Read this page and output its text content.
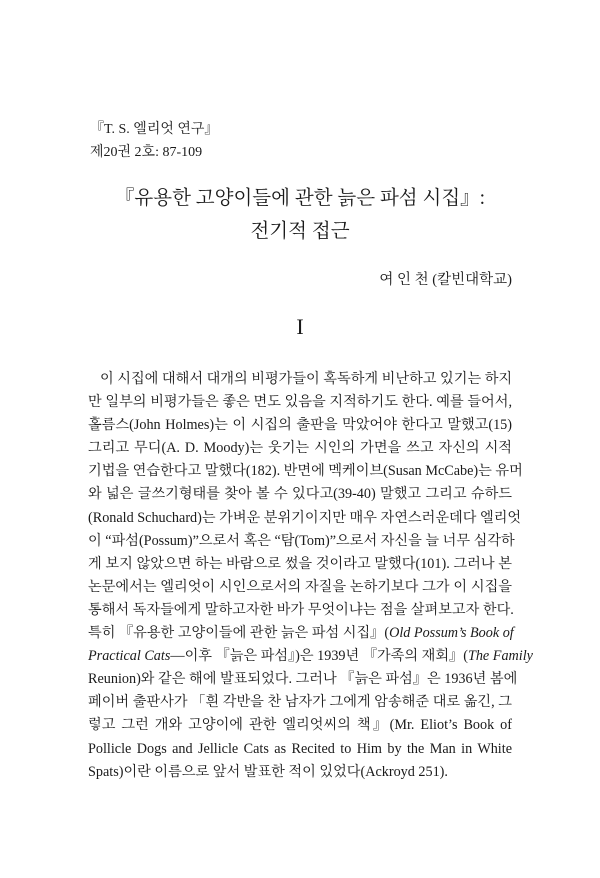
『T. S. 엘리엇 연구』
제20권 2호: 87-109
『유용한 고양이들에 관한 늙은 파섬 시집』:
전기적 접근
여 인 천 (칼빈대학교)
I
이 시집에 대해서 대개의 비평가들이 혹독하게 비난하고 있기는 하지
만 일부의 비평가들은 좋은 면도 있음을 지적하기도 한다. 예를 들어서,
홀름스(John Holmes)는 이 시집의 출판을 막았어야 한다고 말했고(15)
그리고 무디(A. D. Moody)는 웃기는 시인의 가면을 쓰고 자신의 시적
기법을 연습한다고 말했다(182). 반면에 멕케이브(Susan McCabe)는 유머
와 넓은 글쓰기형태를 찾아 볼 수 있다고(39-40) 말했고 그리고 슈하드
(Ronald Schuchard)는 가벼운 분위기이지만 매우 자연스러운데다 엘리엇
이 “파섬(Possum)”으로서 혹은 “탐(Tom)”으로서 자신을 늘 너무 심각하
게 보지 않았으면 하는 바람으로 썼을 것이라고 말했다(101). 그러나 본
논문에서는 엘리엇이 시인으로서의 자질을 논하기보다 그가 이 시집을
통해서 독자들에게 말하고자한 바가 무엇이냐는 점을 살펴보고자 한다.
특히 『유용한 고양이들에 관한 늙은 파섬 시집』(Old Possum’s Book of
Practical Cats—이후 『늙은 파섬』)은 1939년 『가족의 재회』(The Family
Reunion)와 같은 해에 발표되었다. 그러나 『늙은 파섬』은 1936년 봄에
페이버 출판사가 「흰 각반을 찬 남자가 그에게 암송해준 대로 옮긴, 그
렇고 그런 개와 고양이에 관한 엘리엇씨의 책』(Mr. Eliot’s Book of
Pollicle Dogs and Jellicle Cats as Recited to Him by the Man in White
Spats)이란 이름으로 앞서 발표한 적이 있었다(Ackroyd 251).
